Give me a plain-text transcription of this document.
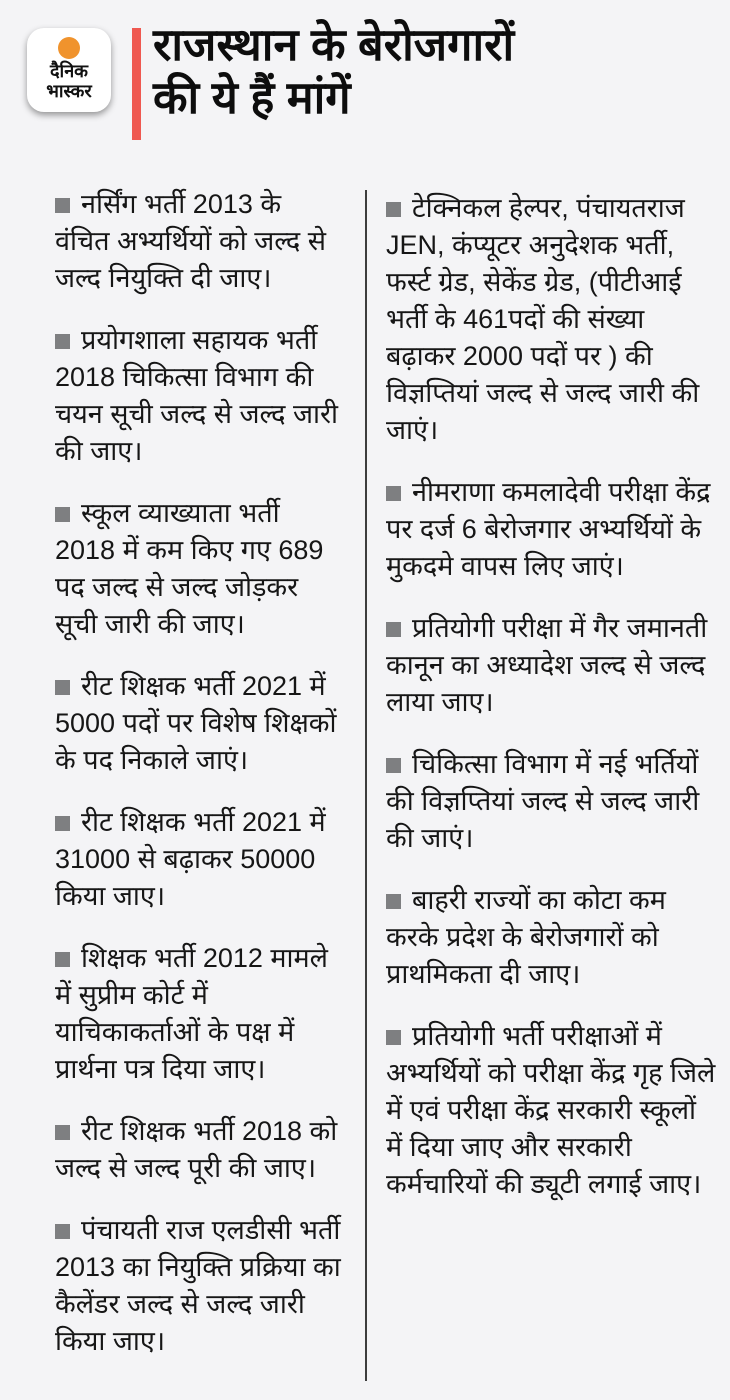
दैनिक
भास्कर
राजस्थान के बेरोजगारों
की ये हैं मांगें
नर्सिंग भर्ती 2013 के वंचित अभ्यर्थियों को जल्द से जल्द नियुक्ति दी जाए।
प्रयोगशाला सहायक भर्ती 2018 चिकित्सा विभाग की चयन सूची जल्द से जल्द जारी की जाए।
स्कूल व्याख्याता भर्ती 2018 में कम किए गए 689 पद जल्द से जल्द जोड़कर सूची जारी की जाए।
रीट शिक्षक भर्ती 2021 में 5000 पदों पर विशेष शिक्षकों के पद निकाले जाएं।
रीट शिक्षक भर्ती 2021 में 31000 से बढ़ाकर 50000 किया जाए।
शिक्षक भर्ती 2012 मामले में सुप्रीम कोर्ट में याचिकाकर्ताओं के पक्ष में प्रार्थना पत्र दिया जाए।
रीट शिक्षक भर्ती 2018 को जल्द से जल्द पूरी की जाए।
पंचायती राज एलडीसी भर्ती 2013 का नियुक्ति प्रक्रिया का कैलेंडर जल्द से जल्द जारी किया जाए।
टेक्निकल हेल्पर, पंचायतराज JEN, कंप्यूटर अनुदेशक भर्ती, फर्स्ट ग्रेड, सेकेंड ग्रेड, (पीटीआई भर्ती के 461पदों की संख्या बढ़ाकर 2000 पदों पर ) की विज्ञप्तियां जल्द से जल्द जारी की जाएं।
नीमराणा कमलादेवी परीक्षा केंद्र पर दर्ज 6 बेरोजगार अभ्यर्थियों के मुकदमे वापस लिए जाएं।
प्रतियोगी परीक्षा में गैर जमानती कानून का अध्यादेश जल्द से जल्द लाया जाए।
चिकित्सा विभाग में नई भर्तियों की विज्ञप्तियां जल्द से जल्द जारी की जाएं।
बाहरी राज्यों का कोटा कम करके प्रदेश के बेरोजगारों को प्राथमिकता दी जाए।
प्रतियोगी भर्ती परीक्षाओं में अभ्यर्थियों को परीक्षा केंद्र गृह जिले में एवं परीक्षा केंद्र सरकारी स्कूलों में दिया जाए और सरकारी कर्मचारियों की ड्यूटी लगाई जाए।
